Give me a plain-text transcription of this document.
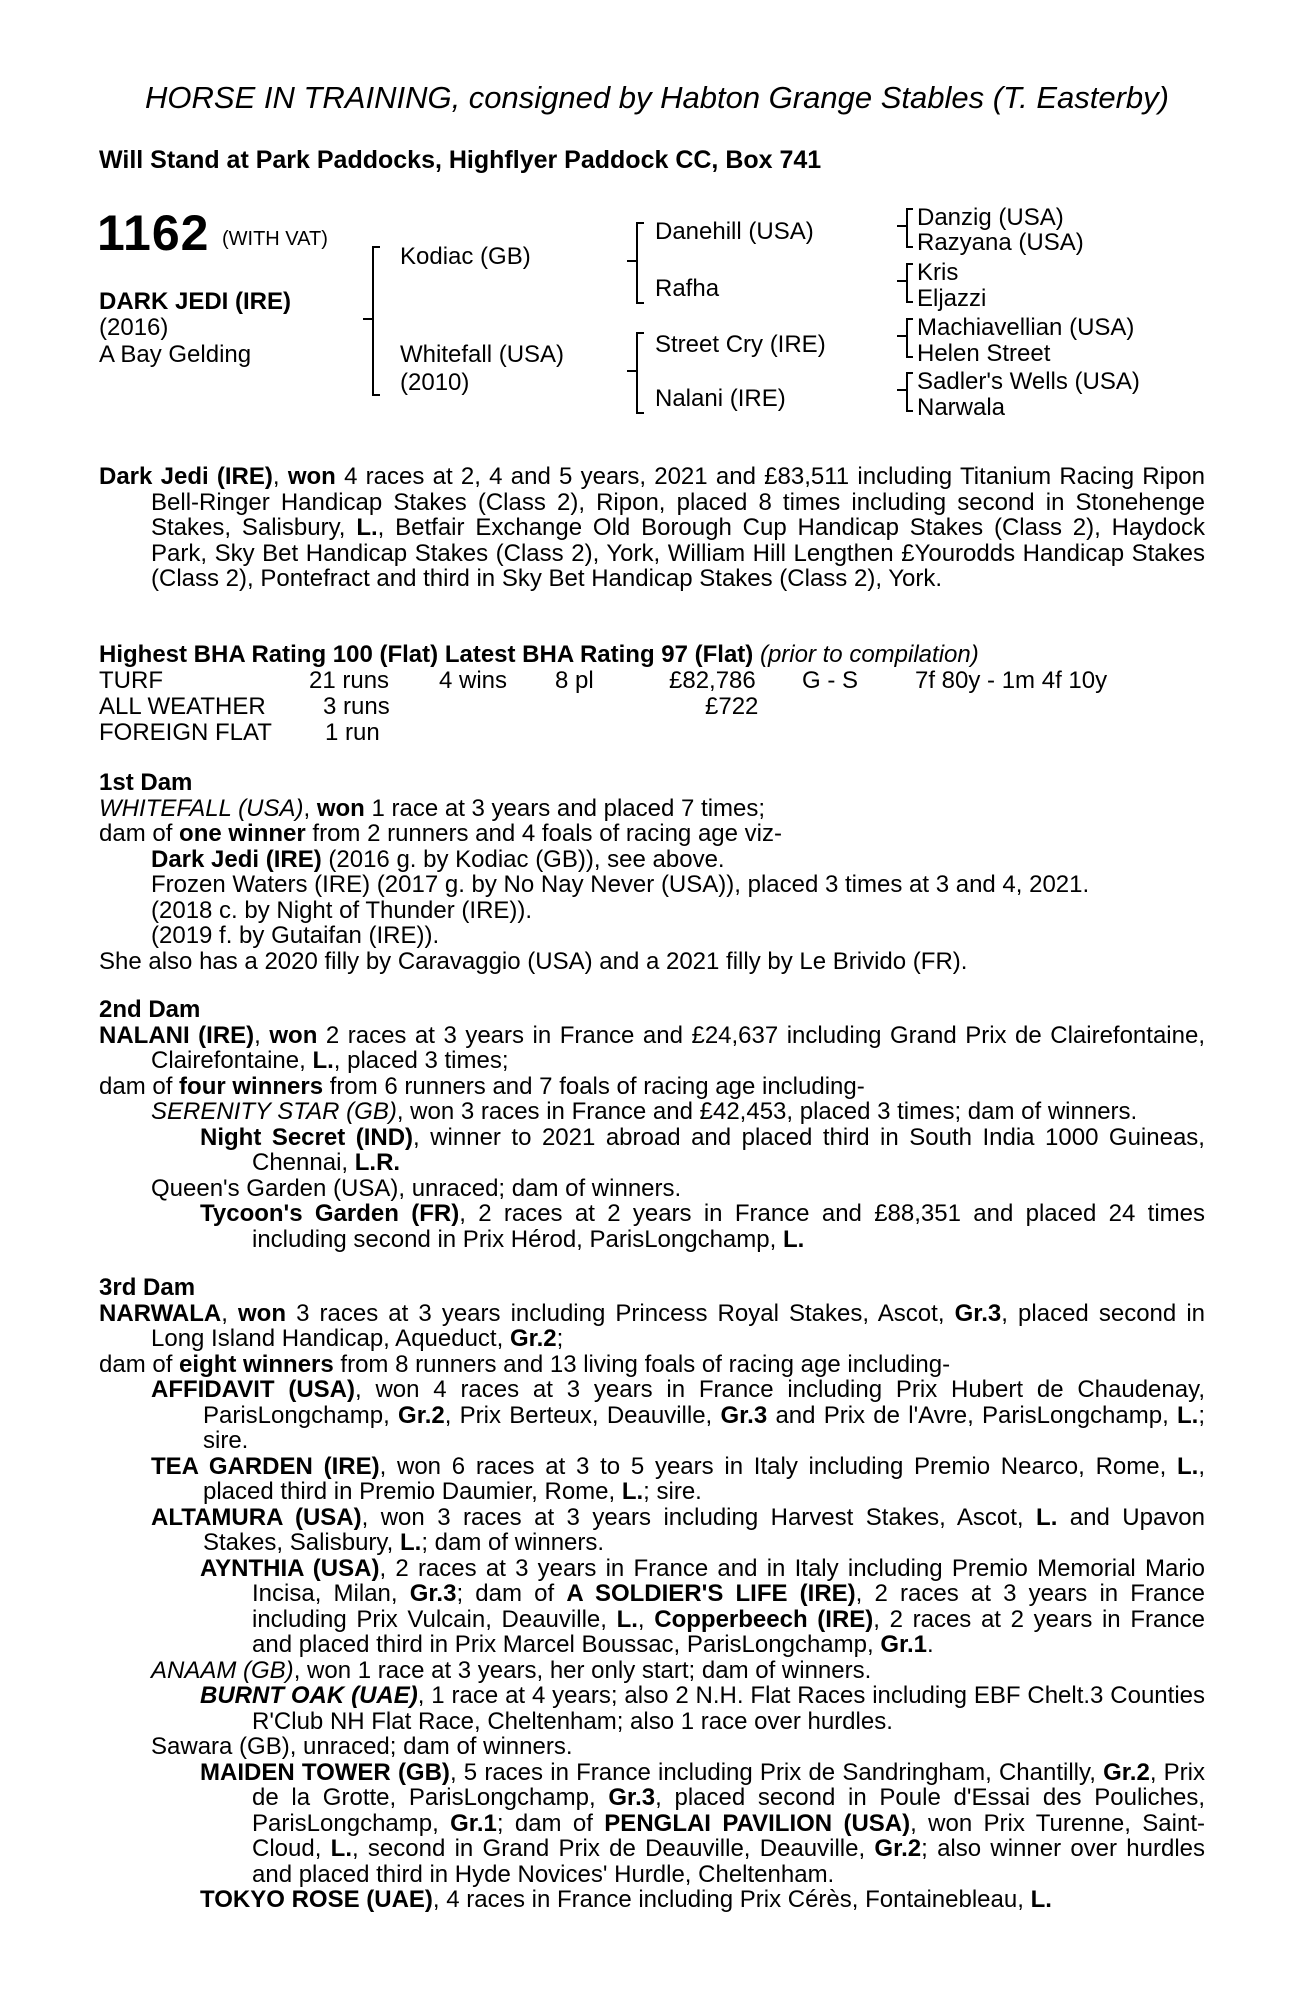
HORSE IN TRAINING, consigned by Habton Grange Stables (T. Easterby)
Will Stand at Park Paddocks, Highflyer Paddock CC, Box 741
1162 (WITH VAT)
DARK JEDI (IRE)
(2016)
A Bay Gelding
Kodiac (GB)
Whitefall (USA)
(2010)
Danehill (USA)
Rafha
Street Cry (IRE)
Nalani (IRE)
Danzig (USA)
Razyana (USA)
Kris
Eljazzi
Machiavellian (USA)
Helen Street
Sadler's Wells (USA)
Narwala

Dark Jedi (IRE), won 4 races at 2, 4 and 5 years, 2021 and £83,511 including Titanium Racing Ripon Bell-Ringer Handicap Stakes (Class 2), Ripon, placed 8 times including second in Stonehenge Stakes, Salisbury, L., Betfair Exchange Old Borough Cup Handicap Stakes (Class 2), Haydock Park, Sky Bet Handicap Stakes (Class 2), York, William Hill Lengthen £Yourodds Handicap Stakes (Class 2), Pontefract and third in Sky Bet Handicap Stakes (Class 2), York.

Highest BHA Rating 100 (Flat) Latest BHA Rating 97 (Flat) (prior to compilation)
TURF	21 runs 4 wins 8 pl	£82,786 G - S 7f 80y - 1m 4f 10y
ALL WEATHER 3 runs	£722
FOREIGN FLAT 1 run

1st Dam

WHITEFALL (USA), won 1 race at 3 years and placed 7 times;

dam of one winner from 2 runners and 4 foals of racing age viz-

Dark Jedi (IRE) (2016 g. by Kodiac (GB)), see above.

Frozen Waters (IRE) (2017 g. by No Nay Never (USA)), placed 3 times at 3 and 4, 2021.

(2018 c. by Night of Thunder (IRE)).

(2019 f. by Gutaifan (IRE)).

She also has a 2020 filly by Caravaggio (USA) and a 2021 filly by Le Brivido (FR).

2nd Dam

NALANI (IRE), won 2 races at 3 years in France and £24,637 including Grand Prix de Clairefontaine, Clairefontaine, L., placed 3 times;

dam of four winners from 6 runners and 7 foals of racing age including-

SERENITY STAR (GB), won 3 races in France and £42,453, placed 3 times; dam of winners.

Night Secret (IND), winner to 2021 abroad and placed third in South India 1000 Guineas, Chennai, L.R.

Queen's Garden (USA), unraced; dam of winners.

Tycoon's Garden (FR), 2 races at 2 years in France and £88,351 and placed 24 times including second in Prix Hérod, ParisLongchamp, L.

3rd Dam

NARWALA, won 3 races at 3 years including Princess Royal Stakes, Ascot, Gr.3, placed second in Long Island Handicap, Aqueduct, Gr.2;

dam of eight winners from 8 runners and 13 living foals of racing age including-

AFFIDAVIT (USA), won 4 races at 3 years in France including Prix Hubert de Chaudenay, ParisLongchamp, Gr.2, Prix Berteux, Deauville, Gr.3 and Prix de l'Avre, ParisLongchamp, L.; sire.

TEA GARDEN (IRE), won 6 races at 3 to 5 years in Italy including Premio Nearco, Rome, L., placed third in Premio Daumier, Rome, L.; sire.

ALTAMURA (USA), won 3 races at 3 years including Harvest Stakes, Ascot, L. and Upavon Stakes, Salisbury, L.; dam of winners.

AYNTHIA (USA), 2 races at 3 years in France and in Italy including Premio Memorial Mario Incisa, Milan, Gr.3; dam of A SOLDIER'S LIFE (IRE), 2 races at 3 years in France including Prix Vulcain, Deauville, L., Copperbeech (IRE), 2 races at 2 years in France and placed third in Prix Marcel Boussac, ParisLongchamp, Gr.1.

ANAAM (GB), won 1 race at 3 years, her only start; dam of winners.

BURNT OAK (UAE), 1 race at 4 years; also 2 N.H. Flat Races including EBF Chelt.3 Counties R'Club NH Flat Race, Cheltenham; also 1 race over hurdles.

Sawara (GB), unraced; dam of winners.

MAIDEN TOWER (GB), 5 races in France including Prix de Sandringham, Chantilly, Gr.2, Prix de la Grotte, ParisLongchamp, Gr.3, placed second in Poule d'Essai des Pouliches, ParisLongchamp, Gr.1; dam of PENGLAI PAVILION (USA), won Prix Turenne, Saint-Cloud, L., second in Grand Prix de Deauville, Deauville, Gr.2; also winner over hurdles and placed third in Hyde Novices' Hurdle, Cheltenham.

TOKYO ROSE (UAE), 4 races in France including Prix Cérès, Fontainebleau, L.
